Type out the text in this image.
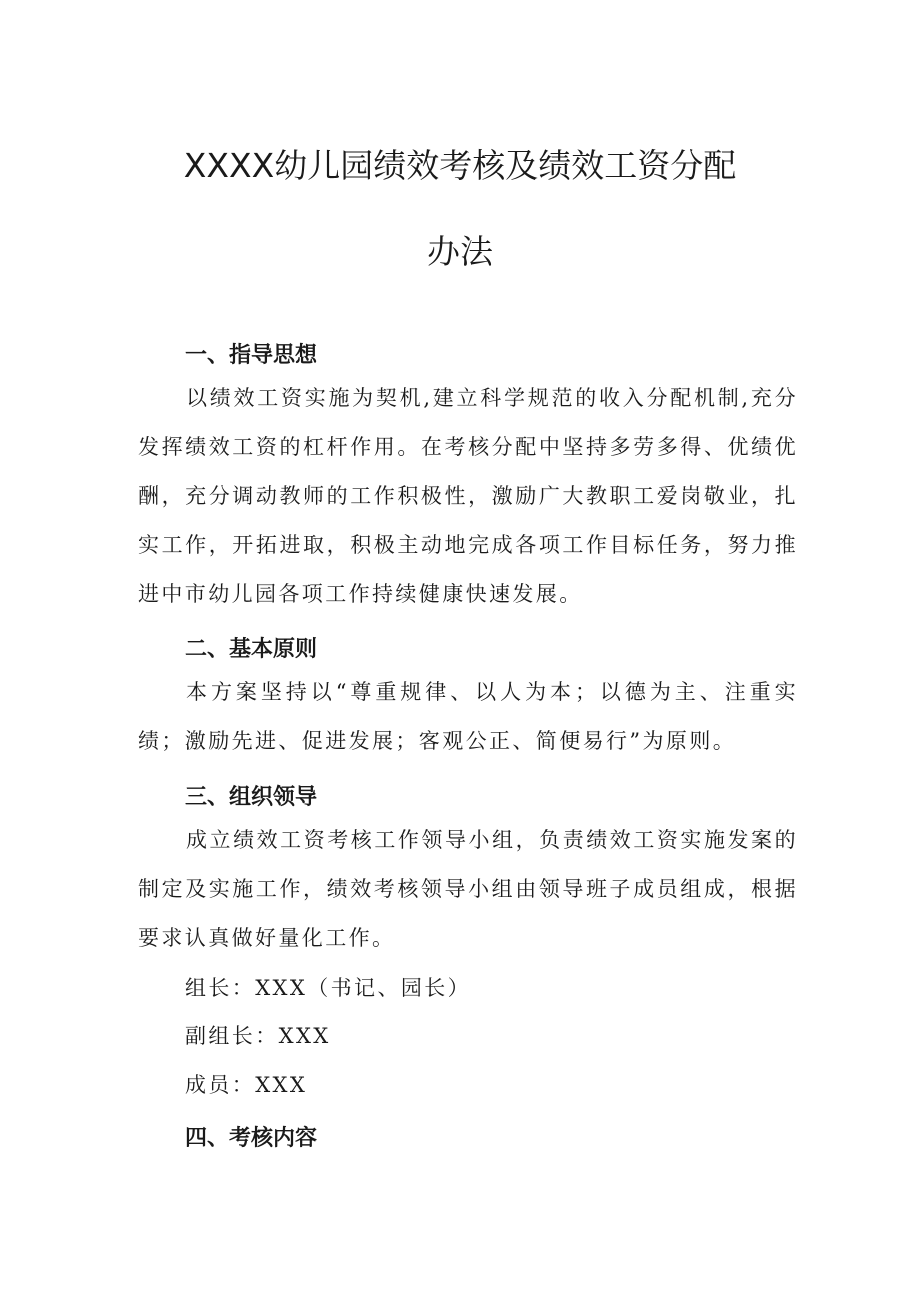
XXXX幼儿园绩效考核及绩效工资分配
办法
一、指导思想

以绩效工资实施为契机,建立科学规范的收入分配机制,充分发挥绩效工资的杠杆作用。在考核分配中坚持多劳多得、优绩优酬，充分调动教师的工作积极性，激励广大教职工爱岗敬业，扎实工作，开拓进取，积极主动地完成各项工作目标任务，努力推进中市幼儿园各项工作持续健康快速发展。

二、基本原则

本方案坚持以“尊重规律、以人为本；以德为主、注重实绩；激励先进、促进发展；客观公正、简便易行”为原则。

三、组织领导

成立绩效工资考核工作领导小组，负责绩效工资实施发案的制定及实施工作，绩效考核领导小组由领导班子成员组成，根据要求认真做好量化工作。

组长：XXX（书记、园长）
副组长：XXX
成员：XXX
四、考核内容
